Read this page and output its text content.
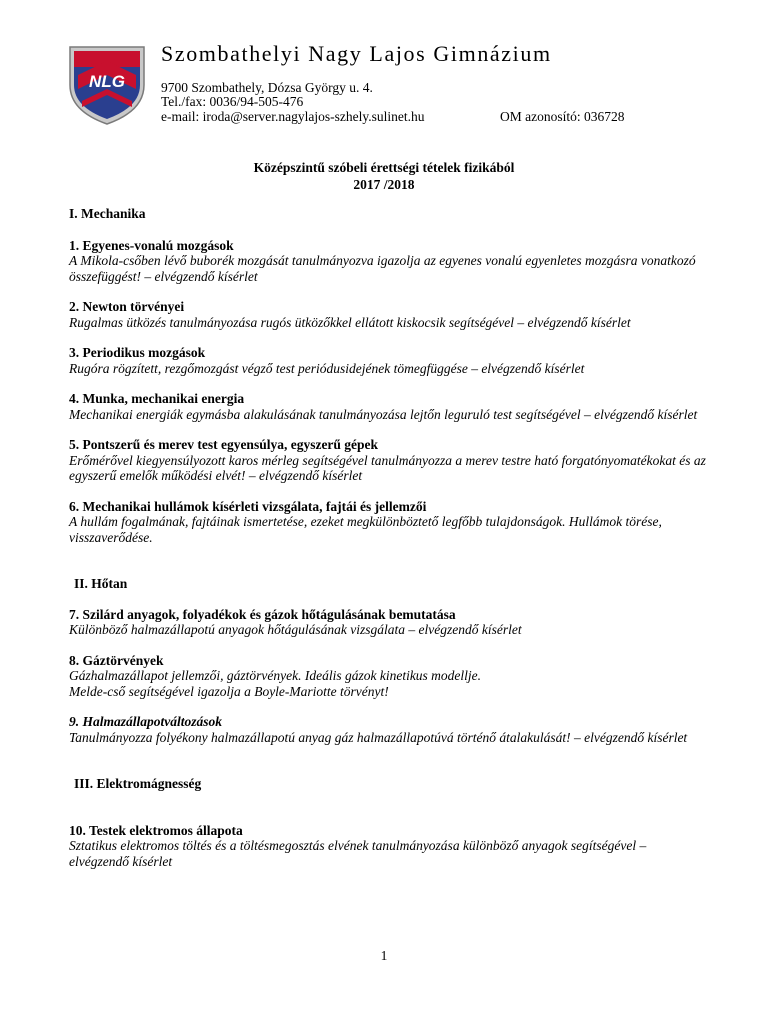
NLG
Szombathelyi Nagy Lajos Gimnázium
9700 Szombathely, Dózsa György u. 4.
Tel./fax: 0036/94-505-476
e-mail: iroda@server.nagylajos-szhely.sulinet.hu	OM azonosító: 036728
Középszintű szóbeli érettségi tételek fizikából
2017 /2018

I. Mechanika

1. Egyenes-vonalú mozgások
A Mikola-csőben lévő buborék mozgását tanulmányozva igazolja az egyenes vonalú egyenletes mozgásra vonatkozó összefüggést! – elvégzendő kísérlet
2. Newton törvényei
Rugalmas ütközés tanulmányozása rugós ütközőkkel ellátott kiskocsik segítségével – elvégzendő kísérlet
3. Periodikus mozgások
Rugóra rögzített, rezgőmozgást végző test periódusidejének tömegfüggése – elvégzendő kísérlet
4. Munka, mechanikai energia
Mechanikai energiák egymásba alakulásának tanulmányozása lejtőn leguruló test segítségével – elvégzendő kísérlet
5. Pontszerű és merev test egyensúlya, egyszerű gépek
Erőmérővel kiegyensúlyozott karos mérleg segítségével tanulmányozza a merev testre ható forgatónyomatékokat és az egyszerű emelők működési elvét! – elvégzendő kísérlet
6. Mechanikai hullámok kísérleti vizsgálata, fajtái és jellemzői
A hullám fogalmának, fajtáinak ismertetése, ezeket megkülönböztető legfőbb tulajdonságok. Hullámok törése, visszaverődése.

II. Hőtan

7. Szilárd anyagok, folyadékok és gázok hőtágulásának bemutatása
Különböző halmazállapotú anyagok hőtágulásának vizsgálata – elvégzendő kísérlet
8. Gáztörvények
Gázhalmazállapot jellemzői, gáztörvények. Ideális gázok kinetikus modellje.
Melde-cső segítségével igazolja a Boyle-Mariotte törvényt!
9. Halmazállapotváltozások
Tanulmányozza folyékony halmazállapotú anyag gáz halmazállapotúvá történő átalakulását! – elvégzendő kísérlet

III. Elektromágnesség

10. Testek elektromos állapota
Sztatikus elektromos töltés és a töltésmegosztás elvének tanulmányozása különböző anyagok segítségével – elvégzendő kísérlet
1
